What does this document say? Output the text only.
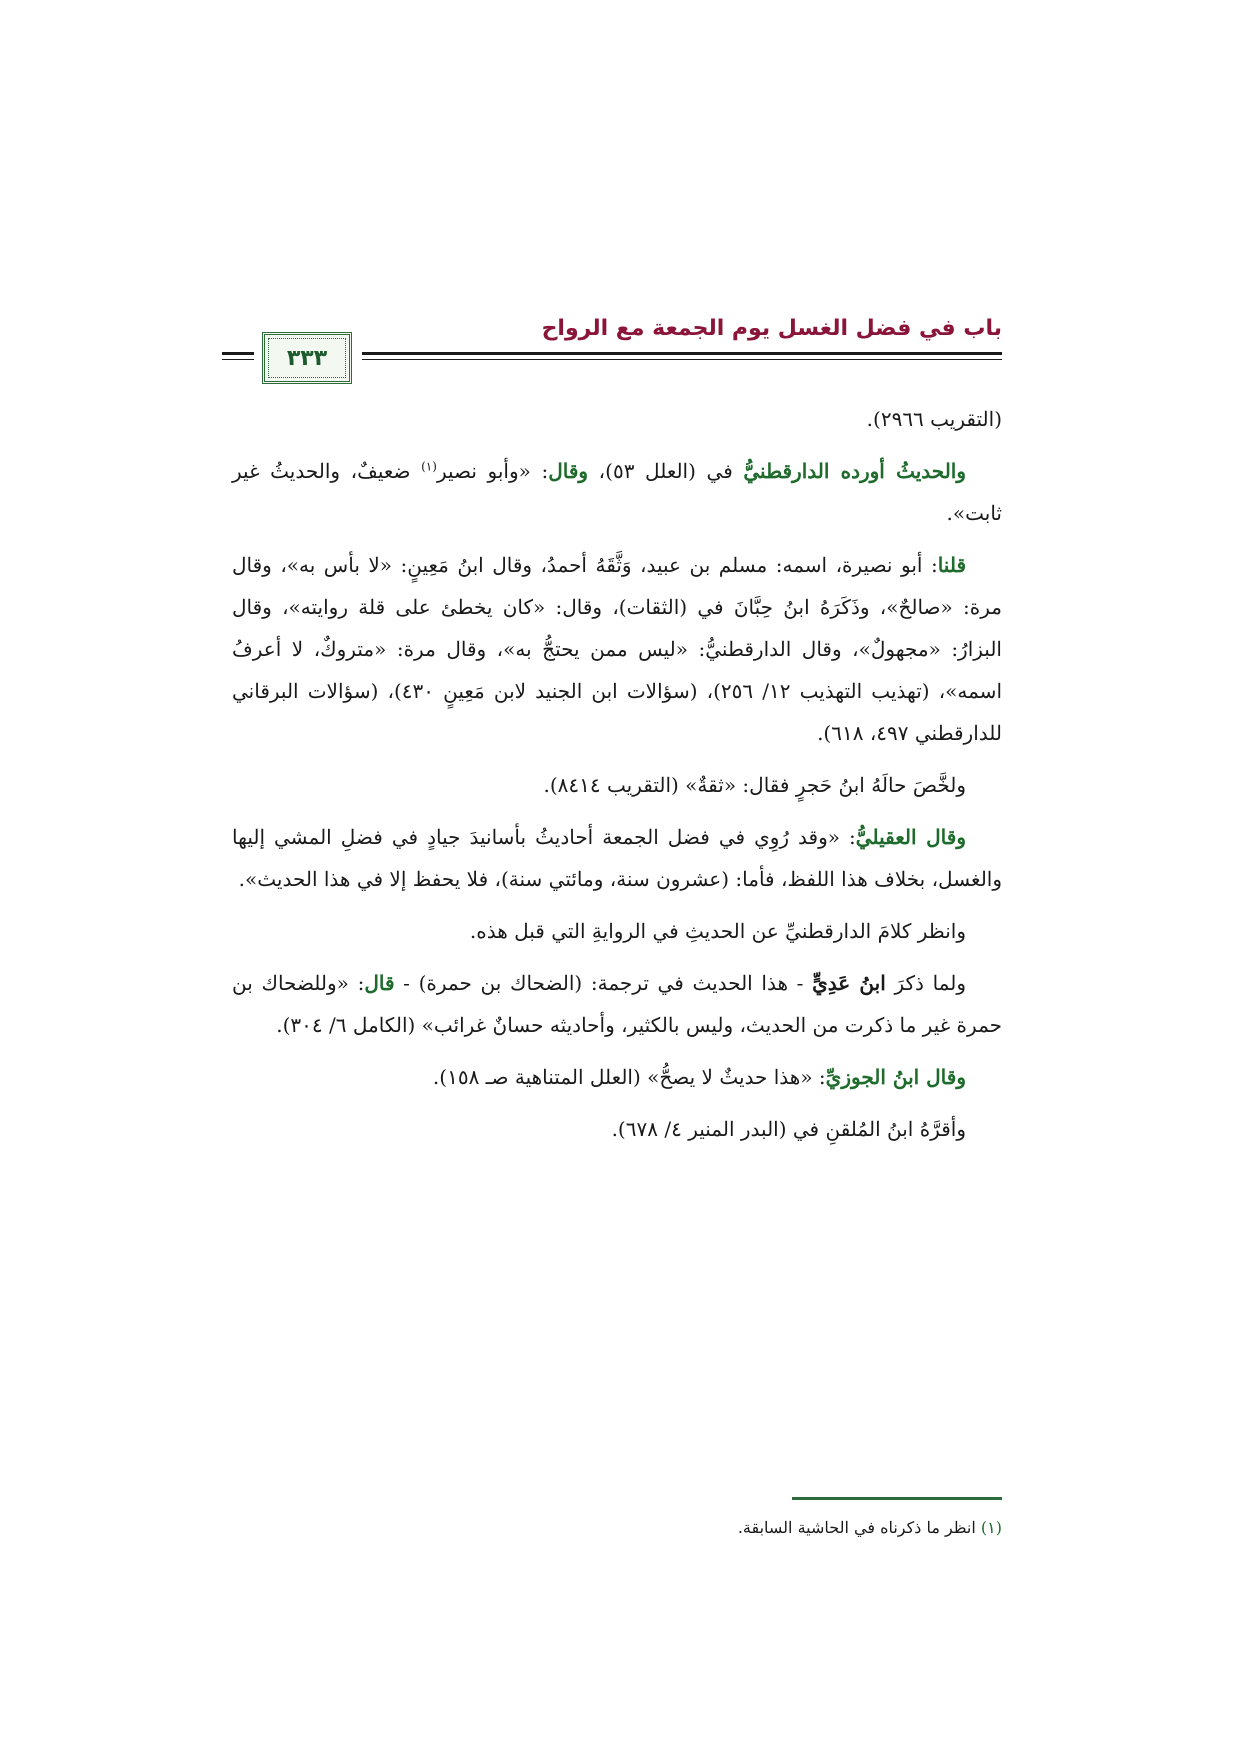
باب في فضل الغسل يوم الجمعة مع الرواح
٣٣٣

(التقريب ٢٩٦٦).

والحديثُ أورده الدارقطنيُّ في (العلل ٥٣)، وقال: «وأبو نصير$^{(١)}$ ضعيفٌ، والحديثُ غير ثابت».

قلنا: أبو نصيرة، اسمه: مسلم بن عبيد، وَثَّقَهُ أحمدُ، وقال ابنُ مَعِينٍ: «لا بأس به»، وقال مرة: «صالحٌ»، وذَكَرَهُ ابنُ حِبَّانَ في (الثقات)، وقال: «كان يخطئ على قلة روايته»، وقال البزارُ: «مجهولٌ»، وقال الدارقطنيُّ: «ليس ممن يحتجُّ به»، وقال مرة: «متروكٌ، لا أعرفُ اسمه»، (تهذيب التهذيب ١٢/ ٢٥٦)، (سؤالات ابن الجنيد لابن مَعِينٍ ٤٣٠)، (سؤالات البرقاني للدارقطني ٤٩٧، ٦١٨).

ولخَّصَ حالَهُ ابنُ حَجرٍ فقال: «ثقةٌ» (التقريب ٨٤١٤).

وقال العقيليُّ: «وقد رُوِي في فضل الجمعة أحاديثُ بأسانيدَ جيادٍ في فضلِ المشي إليها والغسل، بخلاف هذا اللفظ، فأما: (عشرون سنة، ومائتي سنة)، فلا يحفظ إلا في هذا الحديث».

وانظر كلامَ الدارقطنيِّ عن الحديثِ في الروايةِ التي قبل هذه.

ولما ذكرَ ابنُ عَدِيٍّ - هذا الحديث في ترجمة: (الضحاك بن حمرة) - قال: «وللضحاك بن حمرة غير ما ذكرت من الحديث، وليس بالكثير، وأحاديثه حسانٌ غرائب» (الكامل ٦/ ٣٠٤).

وقال ابنُ الجوزيِّ: «هذا حديثٌ لا يصحُّ» (العلل المتناهية صـ ١٥٨).

وأقرَّهُ ابنُ المُلقنِ في (البدر المنير ٤/ ٦٧٨).

(١) انظر ما ذكرناه في الحاشية السابقة.
